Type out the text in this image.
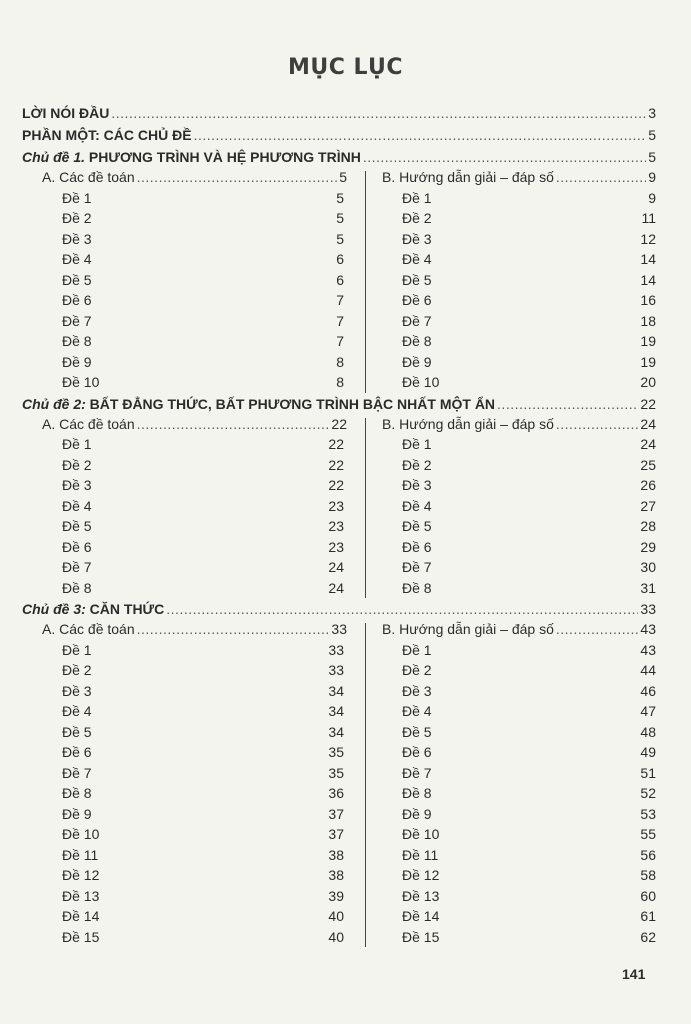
MỤC LỤC
LỜI NÓI ĐẦU .....	3
PHẦN MỘT: CÁC CHỦ ĐỀ .....	5
Chủ đề 1. PHƯƠNG TRÌNH VÀ HỆ PHƯƠNG TRÌNH .....	5
A. Các đề toán .....	5	B. Hướng dẫn giải – đáp số .....	9
Đề 1	5	Đề 1	9
Đề 2	5	Đề 2	11
Đề 3	5	Đề 3	12
Đề 4	6	Đề 4	14
Đề 5	6	Đề 5	14
Đề 6	7	Đề 6	16
Đề 7	7	Đề 7	18
Đề 8	7	Đề 8	19
Đề 9	8	Đề 9	19
Đề 10	8	Đề 10	20
Chủ đề 2: BẤT ĐẲNG THỨC, BẤT PHƯƠNG TRÌNH BẬC NHẤT MỘT ẨN .....	22
A. Các đề toán .....	22	B. Hướng dẫn giải – đáp số .....	24
Đề 1	22	Đề 1	24
Đề 2	22	Đề 2	25
Đề 3	22	Đề 3	26
Đề 4	23	Đề 4	27
Đề 5	23	Đề 5	28
Đề 6	23	Đề 6	29
Đề 7	24	Đề 7	30
Đề 8	24	Đề 8	31
Chủ đề 3: CĂN THỨC .....	33
A. Các đề toán .....	33	B. Hướng dẫn giải – đáp số .....	43
Đề 1	33	Đề 1	43
Đề 2	33	Đề 2	44
Đề 3	34	Đề 3	46
Đề 4	34	Đề 4	47
Đề 5	34	Đề 5	48
Đề 6	35	Đề 6	49
Đề 7	35	Đề 7	51
Đề 8	36	Đề 8	52
Đề 9	37	Đề 9	53
Đề 10	37	Đề 10	55
Đề 11	38	Đề 11	56
Đề 12	38	Đề 12	58
Đề 13	39	Đề 13	60
Đề 14	40	Đề 14	61
Đề 15	40	Đề 15	62
141
